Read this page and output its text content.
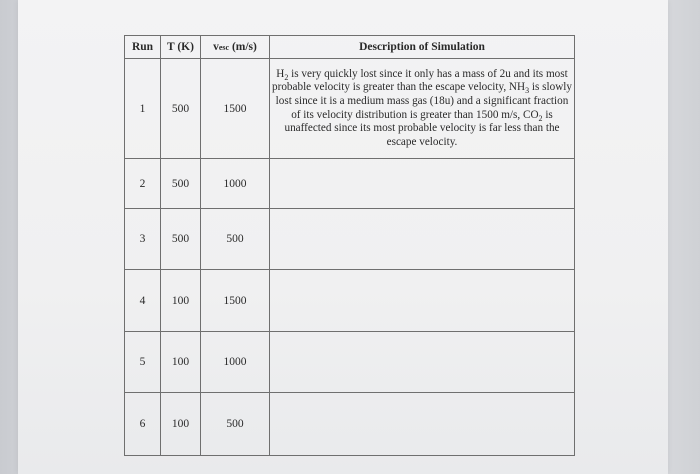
Run	T (K)	vesc (m/s)	Description of Simulation
1	500	1500	$H_2$ is very quickly lost since it only has a mass of 2u and its most probable velocity is greater than the escape velocity, $NH_3$ is slowly lost since it is a medium mass gas (18u) and a significant fraction of its velocity distribution is greater than 1500 m/s, $CO_2$ is unaffected since its most probable velocity is far less than the escape velocity.
2	500	1000	
3	500	500	
4	100	1500	
5	100	1000	
6	100	500	
